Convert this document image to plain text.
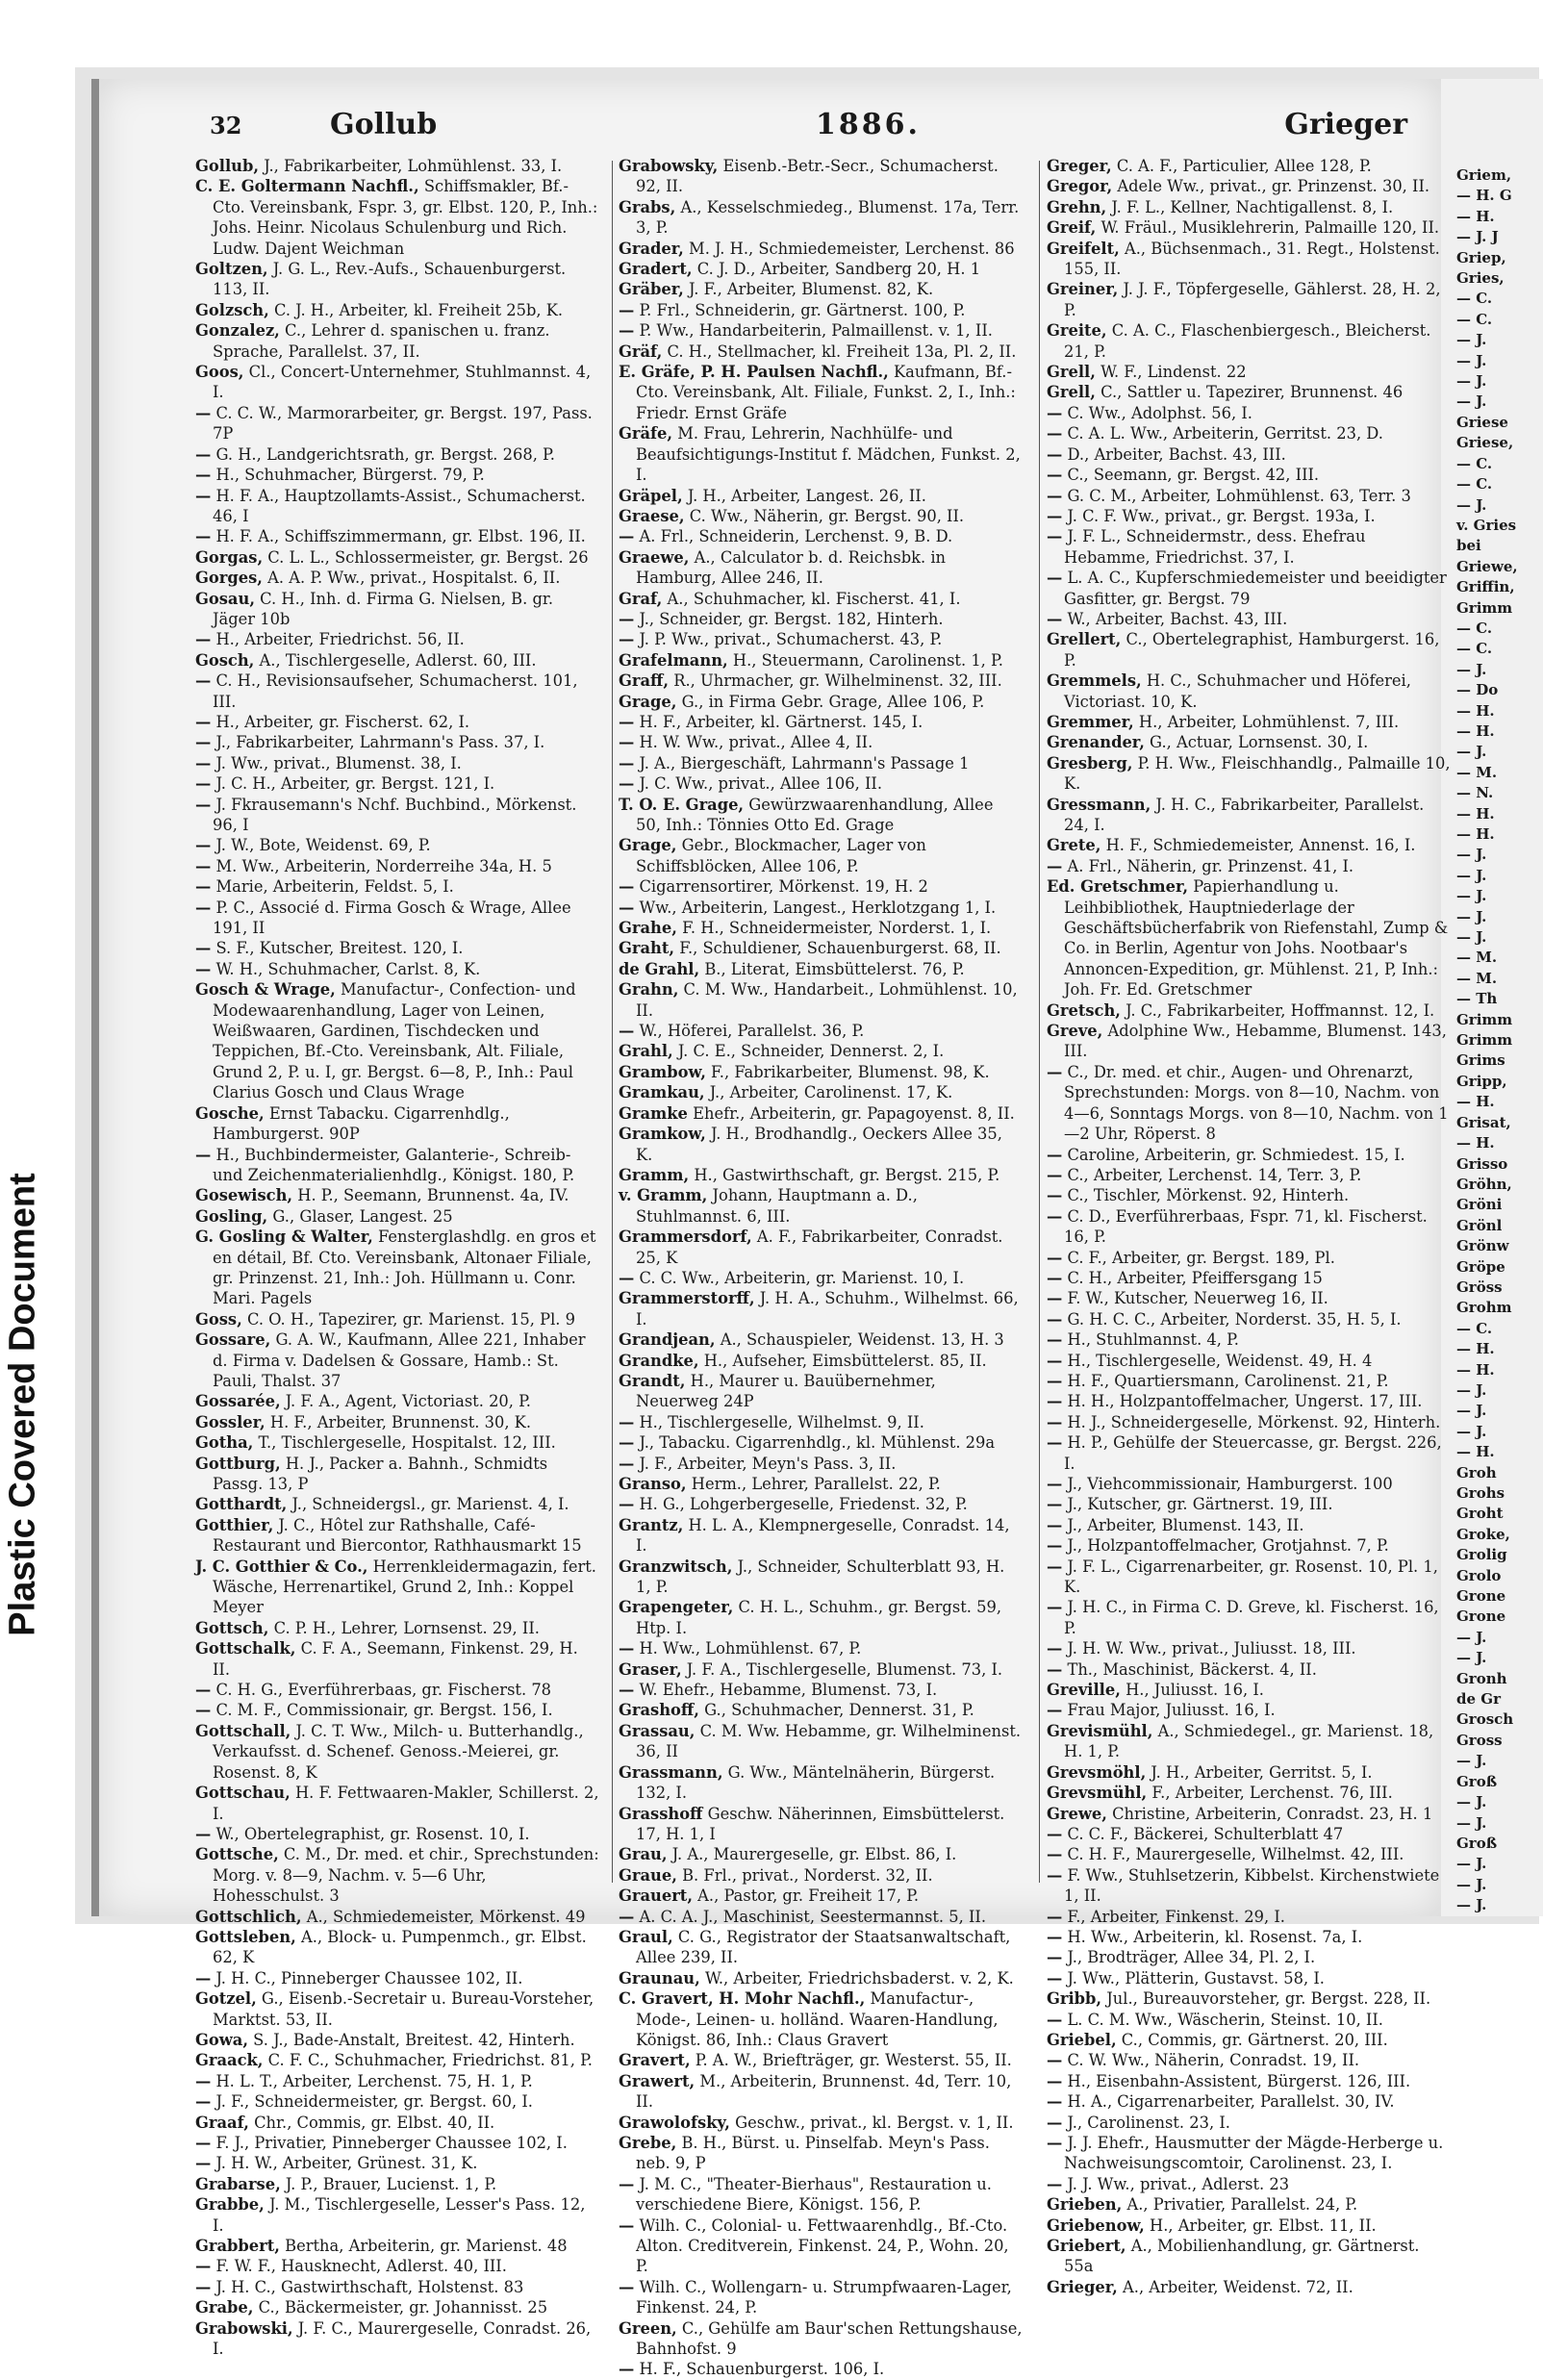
Plastic Covered Document
Griem,
— H. G
— H.
— J. J
Griep,
Gries,
— C.
— C.
— J.
— J.
— J.
— J.
Griese
Griese,
— C.
— C.
— J.
v. Gries
bei
Griewe,
Griffin,
Grimm
— C.
— C.
— J.
— Do
— H.
— H.
— J.
— M.
— N.
— H.
— H.
— J.
— J.
— J.
— J.
— J.
— M.
— M.
— Th
Grimm
Grimm
Grims
Gripp,
— H.
Grisat,
— H.
Grisso
Gröhn,
Gröni
Grönl
Grönw
Gröpe
Gröss
Grohm
— C.
— H.
— H.
— J.
— J.
— J.
— H.
Groh
Grohs
Groht
Groke,
Grolig
Grolo
Grone
Grone
— J.
— J.
Gronh
de Gr
Grosch
Gross
— J.
Groß
— J.
— J.
Groß
— J.
— J.
— J.
32	Gollub	1886.	Grieger
Gollub, J., Fabrikarbeiter, Lohmühlenst. 33, I.
C. E. Goltermann Nachfl., Schiffsmakler, Bf.-Cto. Vereinsbank, Fspr. 3, gr. Elbst. 120, P., Inh.: Johs. Heinr. Nicolaus Schulenburg und Rich. Ludw. Dajent Weichman
Goltzen, J. G. L., Rev.-Aufs., Schauenburgerst. 113, II.
Golzsch, C. J. H., Arbeiter, kl. Freiheit 25b, K.
Gonzalez, C., Lehrer d. spanischen u. franz. Sprache, Parallelst. 37, II.
Goos, Cl., Concert-Unternehmer, Stuhlmannst. 4, I.
— C. C. W., Marmorarbeiter, gr. Bergst. 197, Pass. 7P
— G. H., Landgerichtsrath, gr. Bergst. 268, P.
— H., Schuhmacher, Bürgerst. 79, P.
— H. F. A., Hauptzollamts-Assist., Schumacherst. 46, I
— H. F. A., Schiffszimmermann, gr. Elbst. 196, II.
Gorgas, C. L. L., Schlossermeister, gr. Bergst. 26
Gorges, A. A. P. Ww., privat., Hospitalst. 6, II.
Gosau, C. H., Inh. d. Firma G. Nielsen, B. gr. Jäger 10b
— H., Arbeiter, Friedrichst. 56, II.
Gosch, A., Tischlergeselle, Adlerst. 60, III.
— C. H., Revisionsaufseher, Schumacherst. 101, III.
— H., Arbeiter, gr. Fischerst. 62, I.
— J., Fabrikarbeiter, Lahrmann's Pass. 37, I.
— J. Ww., privat., Blumenst. 38, I.
— J. C. H., Arbeiter, gr. Bergst. 121, I.
— J. Fkrausemann's Nchf. Buchbind., Mörkenst. 96, I
— J. W., Bote, Weidenst. 69, P.
— M. Ww., Arbeiterin, Norderreihe 34a, H. 5
— Marie, Arbeiterin, Feldst. 5, I.
— P. C., Associé d. Firma Gosch & Wrage, Allee 191, II
— S. F., Kutscher, Breitest. 120, I.
— W. H., Schuhmacher, Carlst. 8, K.
Gosch & Wrage, Manufactur-, Confection- und Modewaarenhandlung, Lager von Leinen, Weißwaaren, Gardinen, Tischdecken und Teppichen, Bf.-Cto. Vereinsbank, Alt. Filiale, Grund 2, P. u. I, gr. Bergst. 6—8, P., Inh.: Paul Clarius Gosch und Claus Wrage
Gosche, Ernst Tabacku. Cigarrenhdlg., Hamburgerst. 90P
— H., Buchbindermeister, Galanterie-, Schreib- und Zeichenmaterialienhdlg., Königst. 180, P.
Gosewisch, H. P., Seemann, Brunnenst. 4a, IV.
Gosling, G., Glaser, Langest. 25
G. Gosling & Walter, Fensterglashdlg. en gros et en détail, Bf. Cto. Vereinsbank, Altonaer Filiale, gr. Prinzenst. 21, Inh.: Joh. Hüllmann u. Conr. Mari. Pagels
Goss, C. O. H., Tapezirer, gr. Marienst. 15, Pl. 9
Gossare, G. A. W., Kaufmann, Allee 221, Inhaber d. Firma v. Dadelsen & Gossare, Hamb.: St. Pauli, Thalst. 37
Gossarée, J. F. A., Agent, Victoriast. 20, P.
Gossler, H. F., Arbeiter, Brunnenst. 30, K.
Gotha, T., Tischlergeselle, Hospitalst. 12, III.
Gottburg, H. J., Packer a. Bahnh., Schmidts Passg. 13, P
Gotthardt, J., Schneidergsl., gr. Marienst. 4, I.
Gotthier, J. C., Hôtel zur Rathshalle, Café-Restaurant und Biercontor, Rathhausmarkt 15
J. C. Gotthier & Co., Herrenkleidermagazin, fert. Wäsche, Herrenartikel, Grund 2, Inh.: Koppel Meyer
Gottsch, C. P. H., Lehrer, Lornsenst. 29, II.
Gottschalk, C. F. A., Seemann, Finkenst. 29, H. II.
— C. H. G., Everführerbaas, gr. Fischerst. 78
— C. M. F., Commissionair, gr. Bergst. 156, I.
Gottschall, J. C. T. Ww., Milch- u. Butterhandlg., Verkaufsst. d. Schenef. Genoss.-Meierei, gr. Rosenst. 8, K
Gottschau, H. F. Fettwaaren-Makler, Schillerst. 2, I.
— W., Obertelegraphist, gr. Rosenst. 10, I.
Gottsche, C. M., Dr. med. et chir., Sprechstunden: Morg. v. 8—9, Nachm. v. 5—6 Uhr, Hohesschulst. 3
Gottschlich, A., Schmiedemeister, Mörkenst. 49
Gottsleben, A., Block- u. Pumpenmch., gr. Elbst. 62, K
— J. H. C., Pinneberger Chaussee 102, II.
Gotzel, G., Eisenb.-Secretair u. Bureau-Vorsteher, Marktst. 53, II.
Gowa, S. J., Bade-Anstalt, Breitest. 42, Hinterh.
Graack, C. F. C., Schuhmacher, Friedrichst. 81, P.
— H. L. T., Arbeiter, Lerchenst. 75, H. 1, P.
— J. F., Schneidermeister, gr. Bergst. 60, I.
Graaf, Chr., Commis, gr. Elbst. 40, II.
— F. J., Privatier, Pinneberger Chaussee 102, I.
— J. H. W., Arbeiter, Grünest. 31, K.
Grabarse, J. P., Brauer, Lucienst. 1, P.
Grabbe, J. M., Tischlergeselle, Lesser's Pass. 12, I.
Grabbert, Bertha, Arbeiterin, gr. Marienst. 48
— F. W. F., Hausknecht, Adlerst. 40, III.
— J. H. C., Gastwirthschaft, Holstenst. 83
Grabe, C., Bäckermeister, gr. Johannisst. 25
Grabowski, J. F. C., Maurergeselle, Conradst. 26, I.
Grabowsky, Eisenb.-Betr.-Secr., Schumacherst. 92, II.
Grabs, A., Kesselschmiedeg., Blumenst. 17a, Terr. 3, P.
Grader, M. J. H., Schmiedemeister, Lerchenst. 86
Gradert, C. J. D., Arbeiter, Sandberg 20, H. 1
Gräber, J. F., Arbeiter, Blumenst. 82, K.
— P. Frl., Schneiderin, gr. Gärtnerst. 100, P.
— P. Ww., Handarbeiterin, Palmaillenst. v. 1, II.
Gräf, C. H., Stellmacher, kl. Freiheit 13a, Pl. 2, II.
E. Gräfe, P. H. Paulsen Nachfl., Kaufmann, Bf.-Cto. Vereinsbank, Alt. Filiale, Funkst. 2, I., Inh.: Friedr. Ernst Gräfe
Gräfe, M. Frau, Lehrerin, Nachhülfe- und Beaufsichtigungs-Institut f. Mädchen, Funkst. 2, I.
Gräpel, J. H., Arbeiter, Langest. 26, II.
Graese, C. Ww., Näherin, gr. Bergst. 90, II.
— A. Frl., Schneiderin, Lerchenst. 9, B. D.
Graewe, A., Calculator b. d. Reichsbk. in Hamburg, Allee 246, II.
Graf, A., Schuhmacher, kl. Fischerst. 41, I.
— J., Schneider, gr. Bergst. 182, Hinterh.
— J. P. Ww., privat., Schumacherst. 43, P.
Grafelmann, H., Steuermann, Carolinenst. 1, P.
Graff, R., Uhrmacher, gr. Wilhelminenst. 32, III.
Grage, G., in Firma Gebr. Grage, Allee 106, P.
— H. F., Arbeiter, kl. Gärtnerst. 145, I.
— H. W. Ww., privat., Allee 4, II.
— J. A., Biergeschäft, Lahrmann's Passage 1
— J. C. Ww., privat., Allee 106, II.
T. O. E. Grage, Gewürzwaarenhandlung, Allee 50, Inh.: Tönnies Otto Ed. Grage
Grage, Gebr., Blockmacher, Lager von Schiffsblöcken, Allee 106, P.
— Cigarrensortirer, Mörkenst. 19, H. 2
— Ww., Arbeiterin, Langest., Herklotzgang 1, I.
Grahe, F. H., Schneidermeister, Norderst. 1, I.
Graht, F., Schuldiener, Schauenburgerst. 68, II.
de Grahl, B., Literat, Eimsbüttelerst. 76, P.
Grahn, C. M. Ww., Handarbeit., Lohmühlenst. 10, II.
— W., Höferei, Parallelst. 36, P.
Grahl, J. C. E., Schneider, Dennerst. 2, I.
Grambow, F., Fabrikarbeiter, Blumenst. 98, K.
Gramkau, J., Arbeiter, Carolinenst. 17, K.
Gramke Ehefr., Arbeiterin, gr. Papagoyenst. 8, II.
Gramkow, J. H., Brodhandlg., Oeckers Allee 35, K.
Gramm, H., Gastwirthschaft, gr. Bergst. 215, P.
v. Gramm, Johann, Hauptmann a. D., Stuhlmannst. 6, III.
Grammersdorf, A. F., Fabrikarbeiter, Conradst. 25, K
— C. C. Ww., Arbeiterin, gr. Marienst. 10, I.
Grammerstorff, J. H. A., Schuhm., Wilhelmst. 66, I.
Grandjean, A., Schauspieler, Weidenst. 13, H. 3
Grandke, H., Aufseher, Eimsbüttelerst. 85, II.
Grandt, H., Maurer u. Bauübernehmer, Neuerweg 24P
— H., Tischlergeselle, Wilhelmst. 9, II.
— J., Tabacku. Cigarrenhdlg., kl. Mühlenst. 29a
— J. F., Arbeiter, Meyn's Pass. 3, II.
Granso, Herm., Lehrer, Parallelst. 22, P.
— H. G., Lohgerbergeselle, Friedenst. 32, P.
Grantz, H. L. A., Klempnergeselle, Conradst. 14, I.
Granzwitsch, J., Schneider, Schulterblatt 93, H. 1, P.
Grapengeter, C. H. L., Schuhm., gr. Bergst. 59, Htp. I.
— H. Ww., Lohmühlenst. 67, P.
Graser, J. F. A., Tischlergeselle, Blumenst. 73, I.
— W. Ehefr., Hebamme, Blumenst. 73, I.
Grashoff, G., Schuhmacher, Dennerst. 31, P.
Grassau, C. M. Ww. Hebamme, gr. Wilhelminenst. 36, II
Grassmann, G. Ww., Mäntelnäherin, Bürgerst. 132, I.
Grasshoff Geschw. Näherinnen, Eimsbüttelerst. 17, H. 1, I
Grau, J. A., Maurergeselle, gr. Elbst. 86, I.
Graue, B. Frl., privat., Norderst. 32, II.
Grauert, A., Pastor, gr. Freiheit 17, P.
— A. C. A. J., Maschinist, Seestermannst. 5, II.
Graul, C. G., Registrator der Staatsanwaltschaft, Allee 239, II.
Graunau, W., Arbeiter, Friedrichsbaderst. v. 2, K.
C. Gravert, H. Mohr Nachfl., Manufactur-, Mode-, Leinen- u. holländ. Waaren-Handlung, Königst. 86, Inh.: Claus Gravert
Gravert, P. A. W., Briefträger, gr. Westerst. 55, II.
Grawert, M., Arbeiterin, Brunnenst. 4d, Terr. 10, II.
Grawolofsky, Geschw., privat., kl. Bergst. v. 1, II.
Grebe, B. H., Bürst. u. Pinselfab. Meyn's Pass. neb. 9, P
— J. M. C., "Theater-Bierhaus", Restauration u. verschiedene Biere, Königst. 156, P.
— Wilh. C., Colonial- u. Fettwaarenhdlg., Bf.-Cto. Alton. Creditverein, Finkenst. 24, P., Wohn. 20, P.
— Wilh. C., Wollengarn- u. Strumpfwaaren-Lager, Finkenst. 24, P.
Green, C., Gehülfe am Baur'schen Rettungshause, Bahnhofst. 9
— H. F., Schauenburgerst. 106, I.
Greger, C. A. F., Particulier, Allee 128, P.
Gregor, Adele Ww., privat., gr. Prinzenst. 30, II.
Grehn, J. F. L., Kellner, Nachtigallenst. 8, I.
Greif, W. Fräul., Musiklehrerin, Palmaille 120, II.
Greifelt, A., Büchsenmach., 31. Regt., Holstenst. 155, II.
Greiner, J. J. F., Töpfergeselle, Gählerst. 28, H. 2, P.
Greite, C. A. C., Flaschenbiergesch., Bleicherst. 21, P.
Grell, W. F., Lindenst. 22
Grell, C., Sattler u. Tapezirer, Brunnenst. 46
— C. Ww., Adolphst. 56, I.
— C. A. L. Ww., Arbeiterin, Gerritst. 23, D.
— D., Arbeiter, Bachst. 43, III.
— C., Seemann, gr. Bergst. 42, III.
— G. C. M., Arbeiter, Lohmühlenst. 63, Terr. 3
— J. C. F. Ww., privat., gr. Bergst. 193a, I.
— J. F. L., Schneidermstr., dess. Ehefrau Hebamme, Friedrichst. 37, I.
— L. A. C., Kupferschmiedemeister und beeidigter Gasfitter, gr. Bergst. 79
— W., Arbeiter, Bachst. 43, III.
Grellert, C., Obertelegraphist, Hamburgerst. 16, P.
Gremmels, H. C., Schuhmacher und Höferei, Victoriast. 10, K.
Gremmer, H., Arbeiter, Lohmühlenst. 7, III.
Grenander, G., Actuar, Lornsenst. 30, I.
Gresberg, P. H. Ww., Fleischhandlg., Palmaille 10, K.
Gressmann, J. H. C., Fabrikarbeiter, Parallelst. 24, I.
Grete, H. F., Schmiedemeister, Annenst. 16, I.
— A. Frl., Näherin, gr. Prinzenst. 41, I.
Ed. Gretschmer, Papierhandlung u. Leihbibliothek, Hauptniederlage der Geschäftsbücherfabrik von Riefenstahl, Zump & Co. in Berlin, Agentur von Johs. Nootbaar's Annoncen-Expedition, gr. Mühlenst. 21, P, Inh.: Joh. Fr. Ed. Gretschmer
Gretsch, J. C., Fabrikarbeiter, Hoffmannst. 12, I.
Greve, Adolphine Ww., Hebamme, Blumenst. 143, III.
— C., Dr. med. et chir., Augen- und Ohrenarzt, Sprechstunden: Morgs. von 8—10, Nachm. von 4—6, Sonntags Morgs. von 8—10, Nachm. von 1—2 Uhr, Röperst. 8
— Caroline, Arbeiterin, gr. Schmiedest. 15, I.
— C., Arbeiter, Lerchenst. 14, Terr. 3, P.
— C., Tischler, Mörkenst. 92, Hinterh.
— C. D., Everführerbaas, Fspr. 71, kl. Fischerst. 16, P.
— C. F., Arbeiter, gr. Bergst. 189, Pl.
— C. H., Arbeiter, Pfeiffersgang 15
— F. W., Kutscher, Neuerweg 16, II.
— G. H. C. C., Arbeiter, Norderst. 35, H. 5, I.
— H., Stuhlmannst. 4, P.
— H., Tischlergeselle, Weidenst. 49, H. 4
— H. F., Quartiersmann, Carolinenst. 21, P.
— H. H., Holzpantoffelmacher, Ungerst. 17, III.
— H. J., Schneidergeselle, Mörkenst. 92, Hinterh.
— H. P., Gehülfe der Steuercasse, gr. Bergst. 226, I.
— J., Viehcommissionair, Hamburgerst. 100
— J., Kutscher, gr. Gärtnerst. 19, III.
— J., Arbeiter, Blumenst. 143, II.
— J., Holzpantoffelmacher, Grotjahnst. 7, P.
— J. F. L., Cigarrenarbeiter, gr. Rosenst. 10, Pl. 1, K.
— J. H. C., in Firma C. D. Greve, kl. Fischerst. 16, P.
— J. H. W. Ww., privat., Juliusst. 18, III.
— Th., Maschinist, Bäckerst. 4, II.
Greville, H., Juliusst. 16, I.
— Frau Major, Juliusst. 16, I.
Grevismühl, A., Schmiedegel., gr. Marienst. 18, H. 1, P.
Grevsmöhl, J. H., Arbeiter, Gerritst. 5, I.
Grevsmühl, F., Arbeiter, Lerchenst. 76, III.
Grewe, Christine, Arbeiterin, Conradst. 23, H. 1
— C. C. F., Bäckerei, Schulterblatt 47
— C. H. F., Maurergeselle, Wilhelmst. 42, III.
— F. Ww., Stuhlsetzerin, Kibbelst. Kirchenstwiete 1, II.
— F., Arbeiter, Finkenst. 29, I.
— H. Ww., Arbeiterin, kl. Rosenst. 7a, I.
— J., Brodträger, Allee 34, Pl. 2, I.
— J. Ww., Plätterin, Gustavst. 58, I.
Gribb, Jul., Bureauvorsteher, gr. Bergst. 228, II.
— L. C. M. Ww., Wäscherin, Steinst. 10, II.
Griebel, C., Commis, gr. Gärtnerst. 20, III.
— C. W. Ww., Näherin, Conradst. 19, II.
— H., Eisenbahn-Assistent, Bürgerst. 126, III.
— H. A., Cigarrenarbeiter, Parallelst. 30, IV.
— J., Carolinenst. 23, I.
— J. J. Ehefr., Hausmutter der Mägde-Herberge u. Nachweisungscomtoir, Carolinenst. 23, I.
— J. J. Ww., privat., Adlerst. 23
Grieben, A., Privatier, Parallelst. 24, P.
Griebenow, H., Arbeiter, gr. Elbst. 11, II.
Griebert, A., Mobilienhandlung, gr. Gärtnerst. 55a
Grieger, A., Arbeiter, Weidenst. 72, II.
